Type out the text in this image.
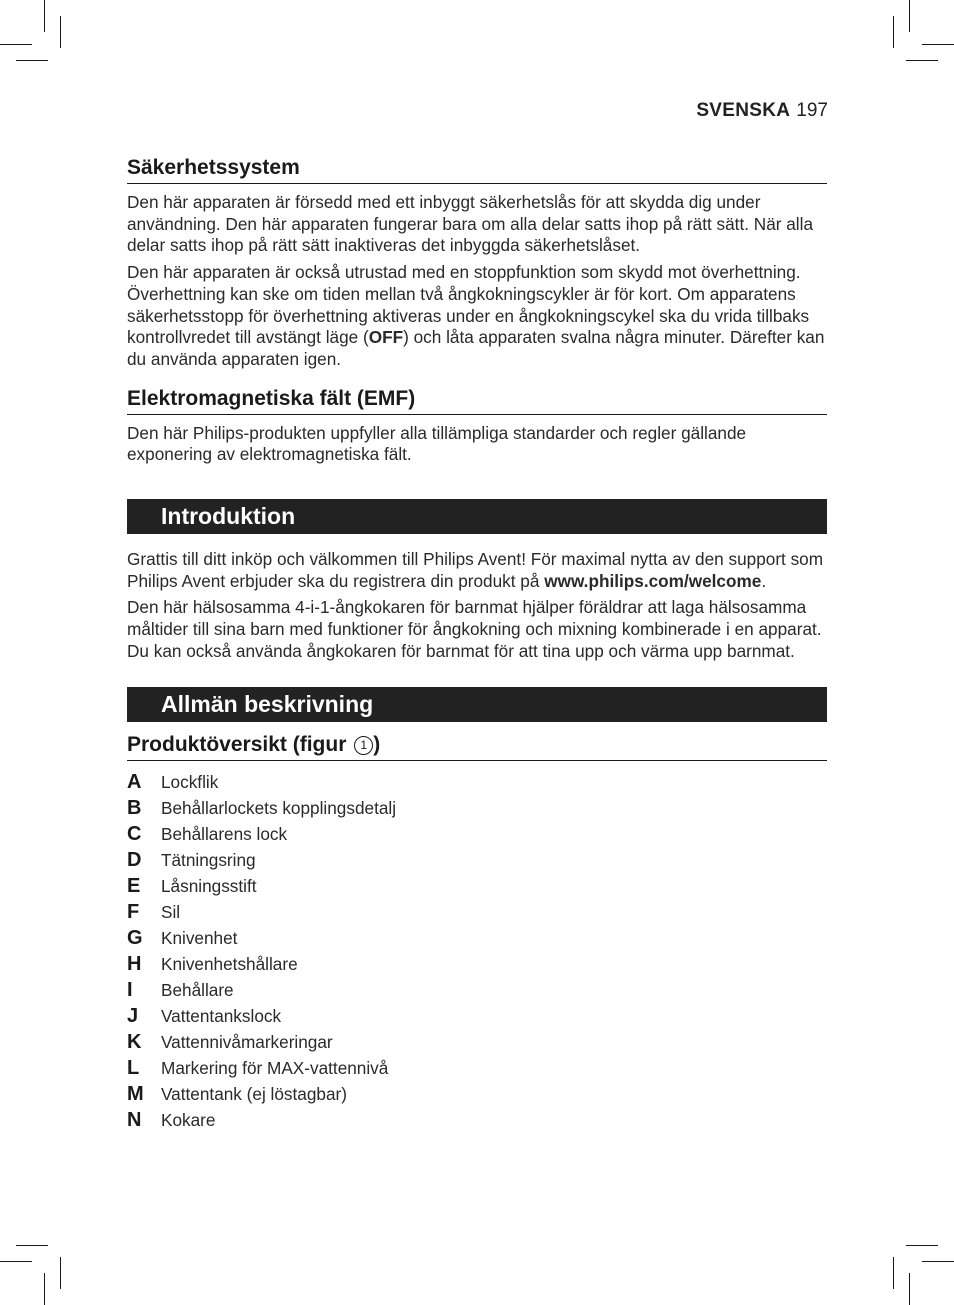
SVENSKA 197
Säkerhetssystem

Den här apparaten är försedd med ett inbyggt säkerhetslås för att skydda dig under användning. Den här apparaten fungerar bara om alla delar satts ihop på rätt sätt. När alla delar satts ihop på rätt sätt inaktiveras det inbyggda säkerhetslåset.

Den här apparaten är också utrustad med en stoppfunktion som skydd mot överhettning. Överhettning kan ske om tiden mellan två ångkokningscykler är för kort. Om apparatens säkerhetsstopp för överhettning aktiveras under en ångkokningscykel ska du vrida tillbaks kontrollvredet till avstängt läge (OFF) och låta apparaten svalna några minuter. Därefter kan du använda apparaten igen.

Elektromagnetiska fält (EMF)

Den här Philips-produkten uppfyller alla tillämpliga standarder och regler gällande exponering av elektromagnetiska fält.

Introduktion

Grattis till ditt inköp och välkommen till Philips Avent! För maximal nytta av den support som Philips Avent erbjuder ska du registrera din produkt på www.philips.com/welcome.

Den här hälsosamma 4-i-1-ångkokaren för barnmat hjälper föräldrar att laga hälsosamma måltider till sina barn med funktioner för ångkokning och mixning kombinerade i en apparat. Du kan också använda ångkokaren för barnmat för att tina upp och värma upp barnmat.

Allmän beskrivning
Produktöversikt (figur 1 )
A	Lockflik
B	Behållarlockets kopplingsdetalj
C	Behållarens lock
D	Tätningsring
E	Låsningsstift
F	Sil
G	Knivenhet
H	Knivenhetshållare
I	Behållare
J	Vattentankslock
K	Vattennivåmarkeringar
L	Markering för MAX-vattennivå
M	Vattentank (ej löstagbar)
N	Kokare
